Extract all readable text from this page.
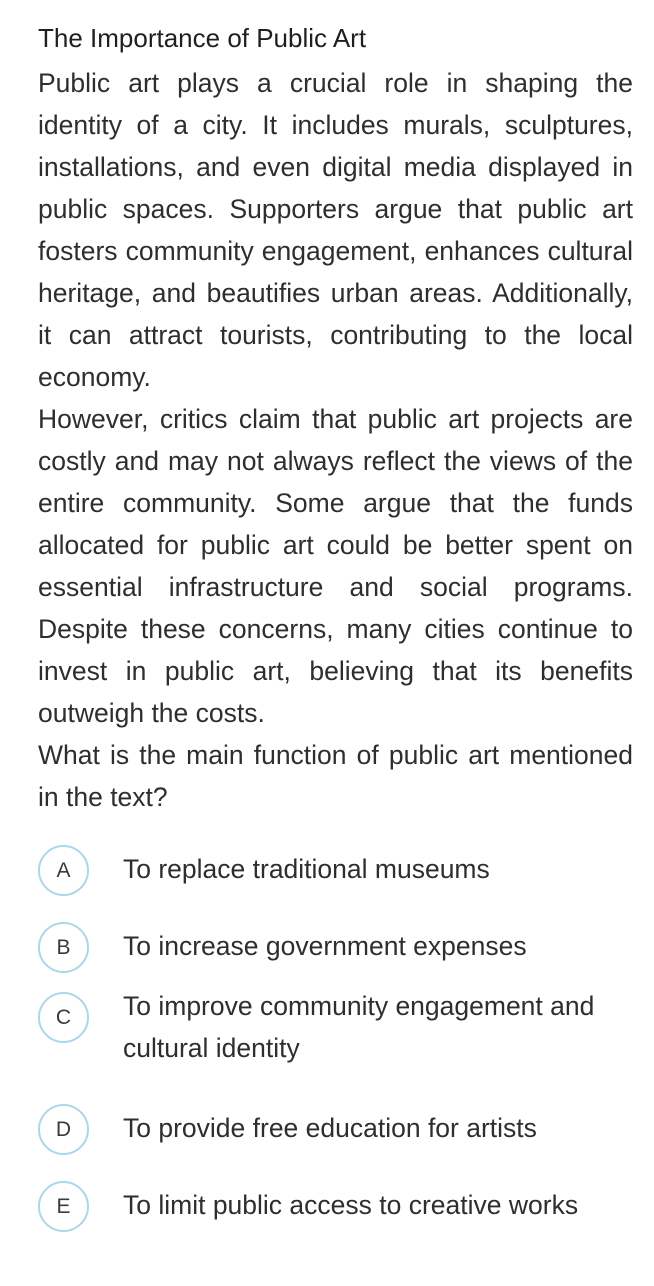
The Importance of Public Art

Public art plays a crucial role in shaping the identity of a city. It includes murals, sculptures, installations, and even digital media displayed in public spaces. Supporters argue that public art fosters community engagement, enhances cultural heritage, and beautifies urban areas. Additionally, it can attract tourists, contributing to the local economy.

However, critics claim that public art projects are costly and may not always reflect the views of the entire community. Some argue that the funds allocated for public art could be better spent on essential infrastructure and social programs. Despite these concerns, many cities continue to invest in public art, believing that its benefits outweigh the costs.

What is the main function of public art mentioned in the text?

A	To replace traditional museums
B	To increase government expenses
C	To improve community engagement and cultural identity
D	To provide free education for artists
E	To limit public access to creative works
